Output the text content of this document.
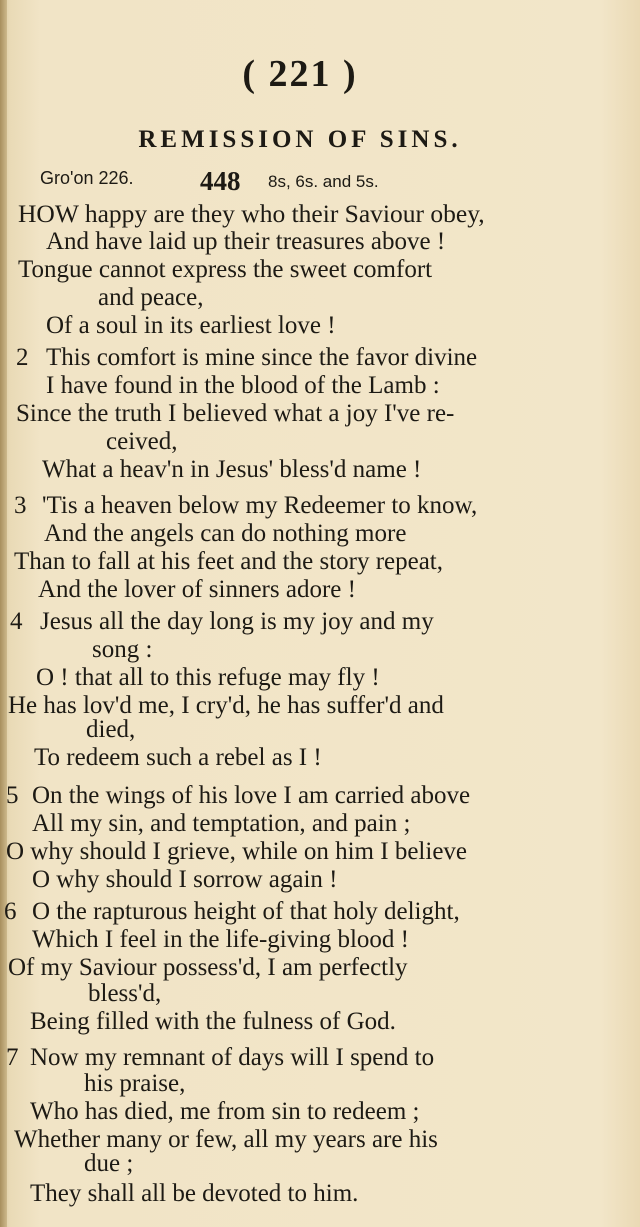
( 221 )
REMISSION OF SINS.
Gro'on 226. 448 8s, 6s. and 5s.
HOW happy are they who their Saviour obey,
And have laid up their treasures above !
Tongue cannot express the sweet comfort
and peace,
Of a soul in its earliest love !
2 This comfort is mine since the favor divine
I have found in the blood of the Lamb :
Since the truth I believed what a joy I've re-
ceived,
What a heav'n in Jesus' bless'd name !
3 'Tis a heaven below my Redeemer to know,
And the angels can do nothing more
Than to fall at his feet and the story repeat,
And the lover of sinners adore !
4 Jesus all the day long is my joy and my
song :
O ! that all to this refuge may fly !
He has lov'd me, I cry'd, he has suffer'd and
died,
To redeem such a rebel as I !
5 On the wings of his love I am carried above
All my sin, and temptation, and pain ;
O why should I grieve, while on him I believe
O why should I sorrow again !
6 O the rapturous height of that holy delight,
Which I feel in the life-giving blood !
Of my Saviour possess'd, I am perfectly
bless'd,
Being filled with the fulness of God.
7 Now my remnant of days will I spend to
his praise,
Who has died, me from sin to redeem ;
Whether many or few, all my years are his
due ;
They shall all be devoted to him.
